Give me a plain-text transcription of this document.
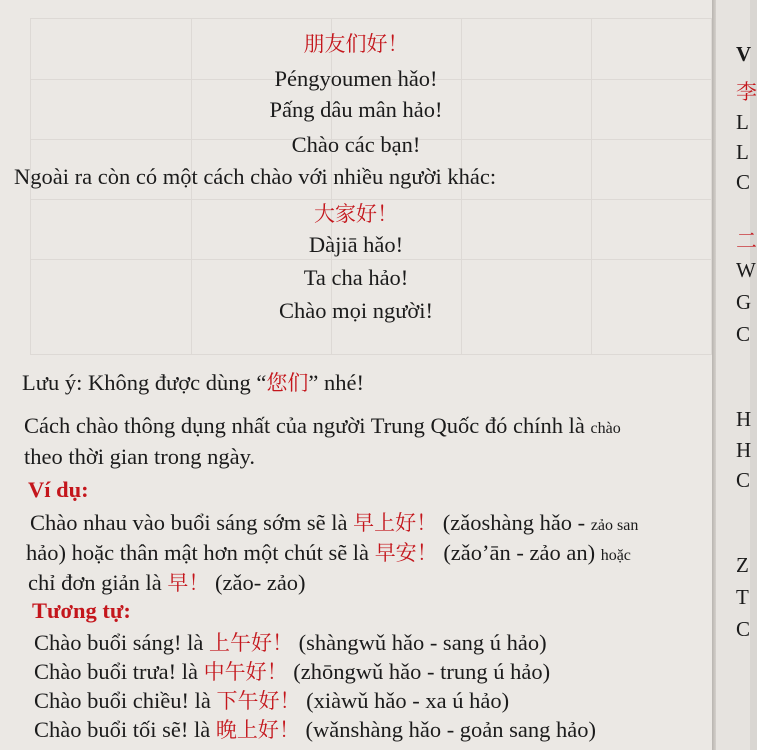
朋友们好！
Péngyoumen hǎo!
Pấng dâu mân hảo!
Chào các bạn!
Ngoài ra còn có một cách chào với nhiều người khác:
大家好！
Dàjiā hǎo!
Ta cha hảo!
Chào mọi người!
Lưu ý: Không được dùng “您们” nhé!
Cách chào thông dụng nhất của người Trung Quốc đó chính là chào
theo thời gian trong ngày.
Ví dụ:
Chào nhau vào buổi sáng sớm sẽ là 早上好！ (zǎoshàng hǎo - zảo san
hảo) hoặc thân mật hơn một chút sẽ là 早安！ (zǎo’ān - zảo an) hoặc
chỉ đơn giản là 早！ (zǎo- zảo)
Tương tự:
Chào buổi sáng! là 上午好！ (shàngwǔ hǎo - sang ú hảo)
Chào buổi trưa! là 中午好！ (zhōngwǔ hǎo - trung ú hảo)
Chào buổi chiều! là 下午好！ (xiàwǔ hǎo - xa ú hảo)
Chào buổi tối sẽ! là 晚上好！ (wǎnshàng hǎo - goản sang hảo)
V
李
L
L
C
二
W
G
C
H
H
C
Z
T
C
